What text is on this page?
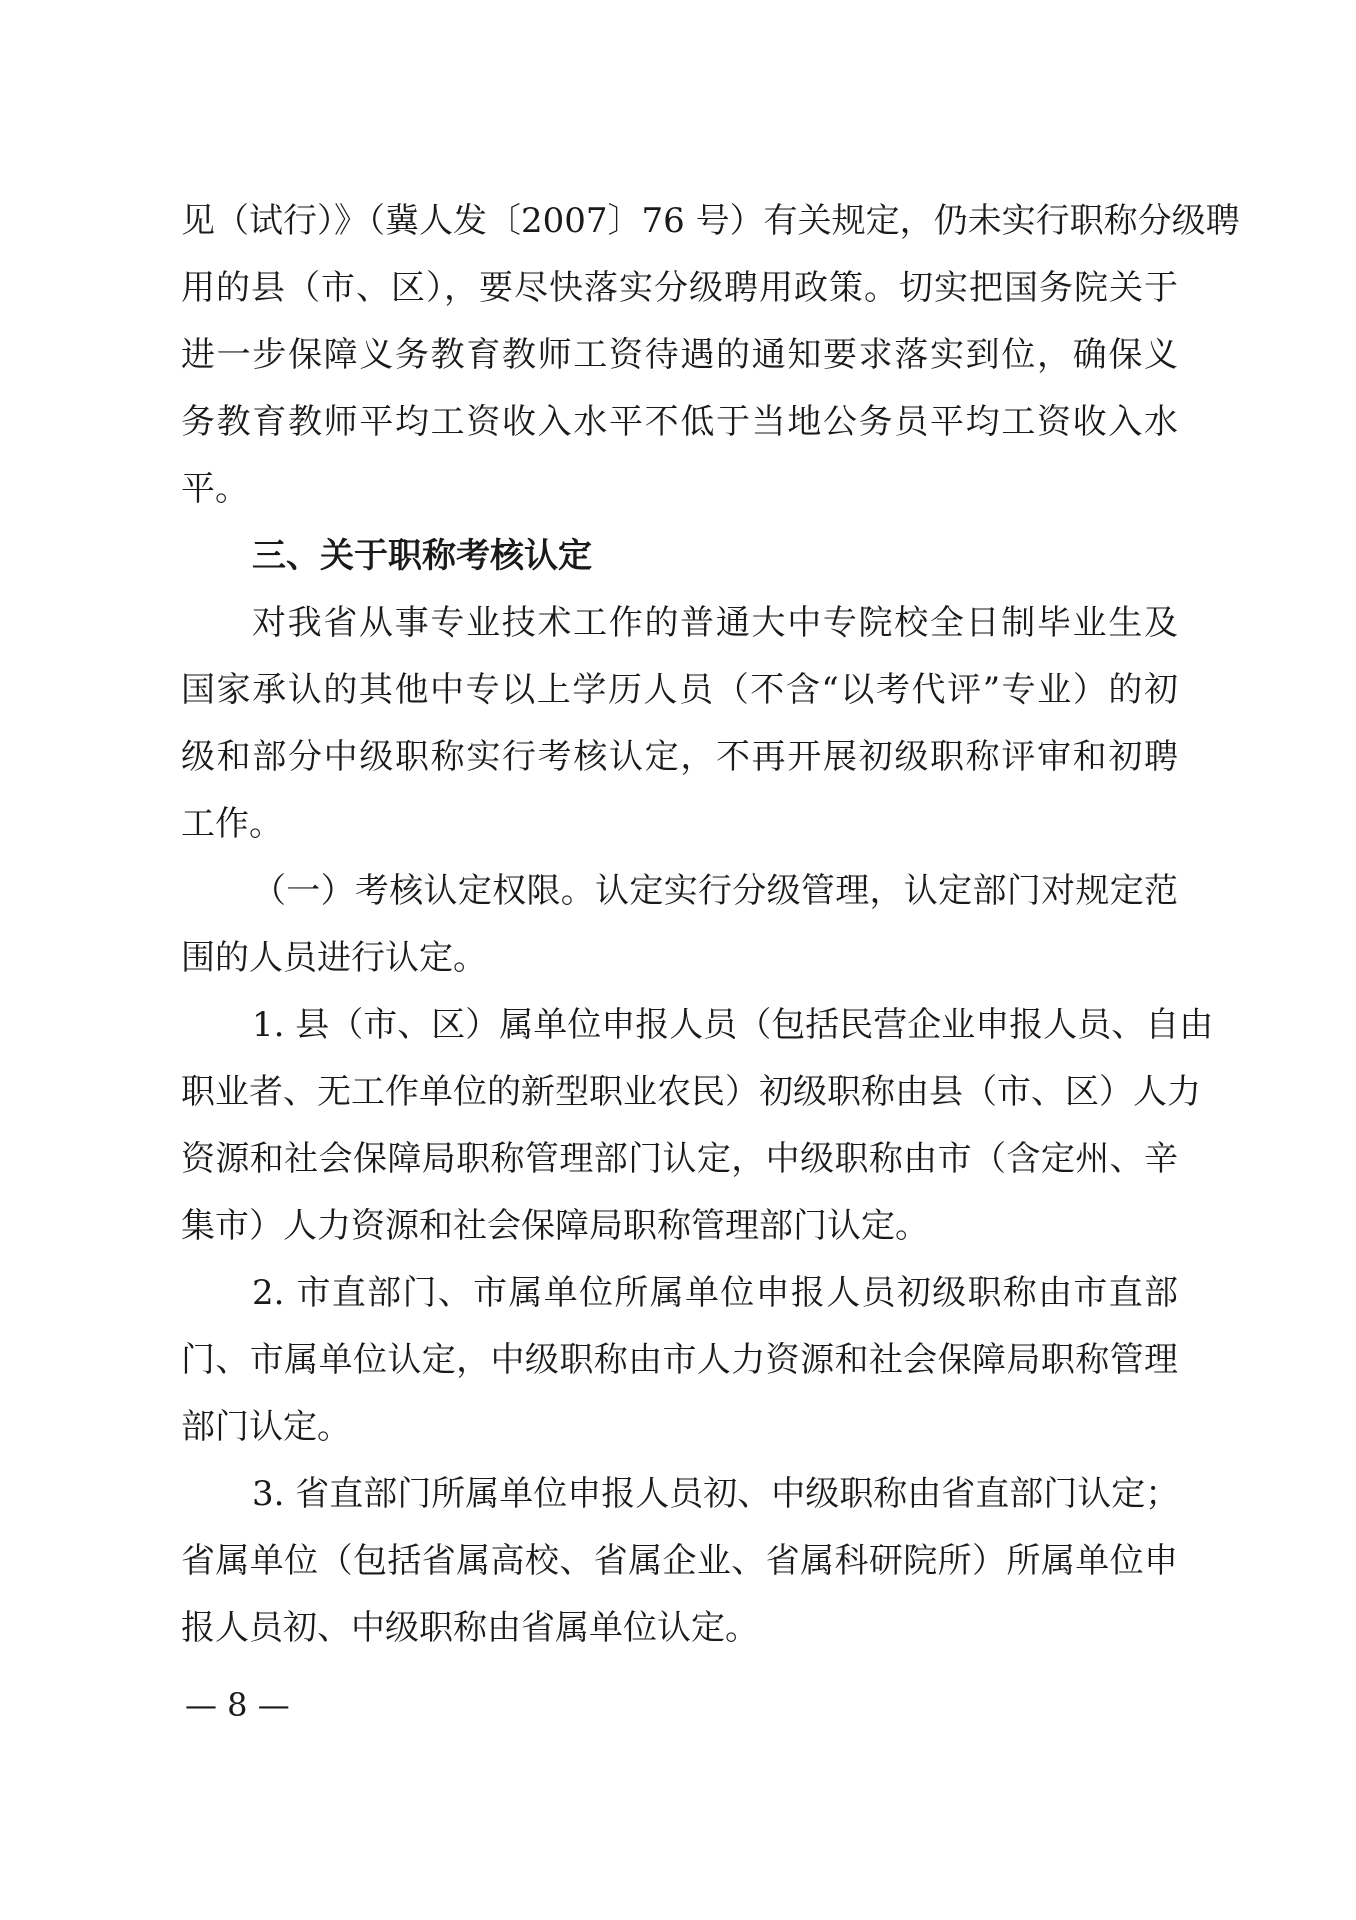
见（试行）》（冀人发〔2007〕76 号）有关规定，仍未实行职称分级聘
用的县（市、区），要尽快落实分级聘用政策。切实把国务院关于
进一步保障义务教育教师工资待遇的通知要求落实到位，确保义
务教育教师平均工资收入水平不低于当地公务员平均工资收入水
平。
三、关于职称考核认定
对我省从事专业技术工作的普通大中专院校全日制毕业生及
国家承认的其他中专以上学历人员（不含“以考代评”专业）的初
级和部分中级职称实行考核认定，不再开展初级职称评审和初聘
工作。
（一）考核认定权限。认定实行分级管理，认定部门对规定范
围的人员进行认定。
1. 县（市、区）属单位申报人员（包括民营企业申报人员、自由
职业者、无工作单位的新型职业农民）初级职称由县（市、区）人力
资源和社会保障局职称管理部门认定，中级职称由市（含定州、辛
集市）人力资源和社会保障局职称管理部门认定。
2. 市直部门、市属单位所属单位申报人员初级职称由市直部
门、市属单位认定，中级职称由市人力资源和社会保障局职称管理
部门认定。
3. 省直部门所属单位申报人员初、中级职称由省直部门认定；
省属单位（包括省属高校、省属企业、省属科研院所）所属单位申
报人员初、中级职称由省属单位认定。
— 8 —
